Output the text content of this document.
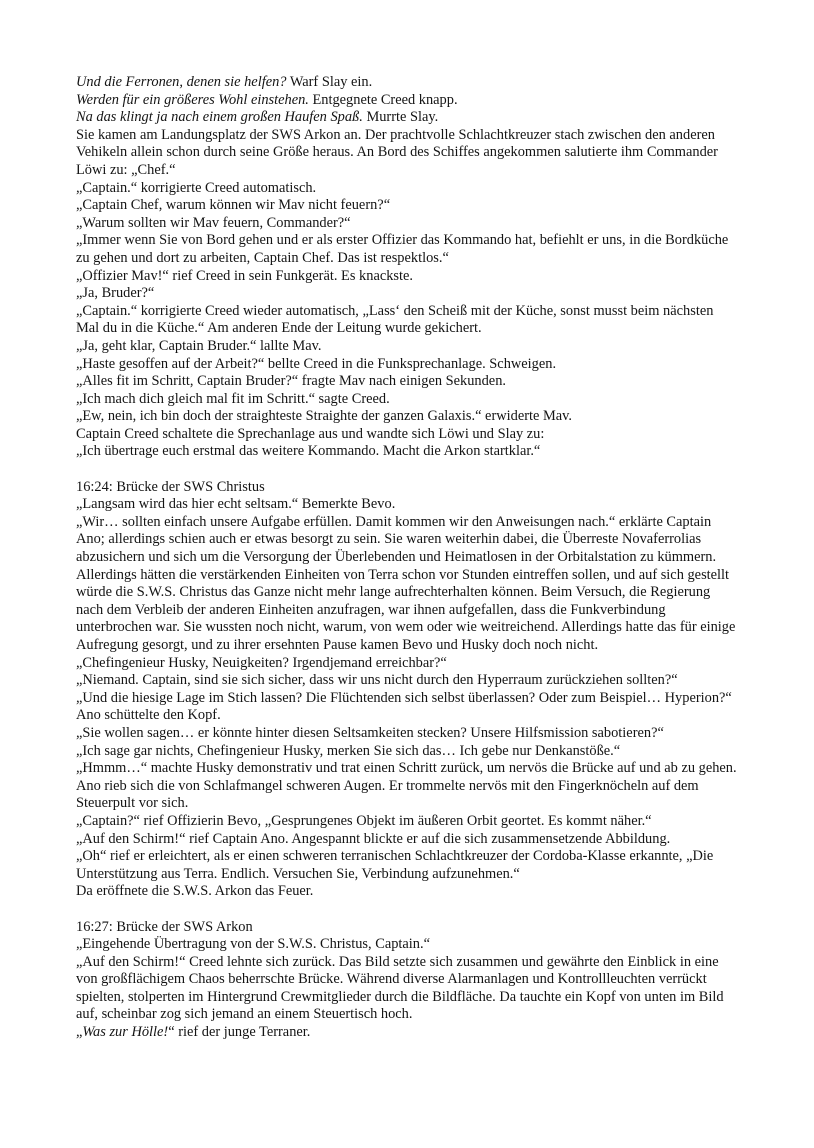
Und die Ferronen, denen sie helfen? Warf Slay ein.

Werden für ein größeres Wohl einstehen. Entgegnete Creed knapp.

Na das klingt ja nach einem großen Haufen Spaß. Murrte Slay.

Sie kamen am Landungsplatz der SWS Arkon an. Der prachtvolle Schlachtkreuzer stach zwischen den anderen Vehikeln allein schon durch seine Größe heraus. An Bord des Schiffes angekommen salutierte ihm Commander Löwi zu: „Chef.“

„Captain.“ korrigierte Creed automatisch.

„Captain Chef, warum können wir Mav nicht feuern?“

„Warum sollten wir Mav feuern, Commander?“

„Immer wenn Sie von Bord gehen und er als erster Offizier das Kommando hat, befiehlt er uns, in die Bordküche zu gehen und dort zu arbeiten, Captain Chef. Das ist respektlos.“

„Offizier Mav!“ rief Creed in sein Funkgerät. Es knackste.

„Ja, Bruder?“

„Captain.“ korrigierte Creed wieder automatisch, „Lass‘ den Scheiß mit der Küche, sonst musst beim nächsten Mal du in die Küche.“ Am anderen Ende der Leitung wurde gekichert.

„Ja, geht klar, Captain Bruder.“ lallte Mav.

„Haste gesoffen auf der Arbeit?“ bellte Creed in die Funksprechanlage. Schweigen.

„Alles fit im Schritt, Captain Bruder?“ fragte Mav nach einigen Sekunden.

„Ich mach dich gleich mal fit im Schritt.“ sagte Creed.

„Ew, nein, ich bin doch der straighteste Straighte der ganzen Galaxis.“ erwiderte Mav.

Captain Creed schaltete die Sprechanlage aus und wandte sich Löwi und Slay zu:

„Ich übertrage euch erstmal das weitere Kommando. Macht die Arkon startklar.“

16:24: Brücke der SWS Christus

„Langsam wird das hier echt seltsam.“ Bemerkte Bevo.

„Wir… sollten einfach unsere Aufgabe erfüllen. Damit kommen wir den Anweisungen nach.“ erklärte Captain Ano; allerdings schien auch er etwas besorgt zu sein. Sie waren weiterhin dabei, die Überreste Novaferrolias abzusichern und sich um die Versorgung der Überlebenden und Heimatlosen in der Orbitalstation zu kümmern. Allerdings hätten die verstärkenden Einheiten von Terra schon vor Stunden eintreffen sollen, und auf sich gestellt würde die S.W.S. Christus das Ganze nicht mehr lange aufrechterhalten können. Beim Versuch, die Regierung nach dem Verbleib der anderen Einheiten anzufragen, war ihnen aufgefallen, dass die Funkverbindung unterbrochen war. Sie wussten noch nicht, warum, von wem oder wie weitreichend. Allerdings hatte das für einige Aufregung gesorgt, und zu ihrer ersehnten Pause kamen Bevo und Husky doch noch nicht.

„Chefingenieur Husky, Neuigkeiten? Irgendjemand erreichbar?“

„Niemand. Captain, sind sie sich sicher, dass wir uns nicht durch den Hyperraum zurückziehen sollten?“

„Und die hiesige Lage im Stich lassen? Die Flüchtenden sich selbst überlassen? Oder zum Beispiel… Hyperion?“ Ano schüttelte den Kopf.

„Sie wollen sagen… er könnte hinter diesen Seltsamkeiten stecken? Unsere Hilfsmission sabotieren?“

„Ich sage gar nichts, Chefingenieur Husky, merken Sie sich das… Ich gebe nur Denkanstöße.“

„Hmmm…“ machte Husky demonstrativ und trat einen Schritt zurück, um nervös die Brücke auf und ab zu gehen. Ano rieb sich die von Schlafmangel schweren Augen. Er trommelte nervös mit den Fingerknöcheln auf dem Steuerpult vor sich.

„Captain?“ rief Offizierin Bevo, „Gesprungenes Objekt im äußeren Orbit geortet. Es kommt näher.“

„Auf den Schirm!“ rief Captain Ano. Angespannt blickte er auf die sich zusammensetzende Abbildung.

„Oh“ rief er erleichtert, als er einen schweren terranischen Schlachtkreuzer der Cordoba-Klasse erkannte, „Die Unterstützung aus Terra. Endlich. Versuchen Sie, Verbindung aufzunehmen.“

Da eröffnete die S.W.S. Arkon das Feuer.

16:27: Brücke der SWS Arkon

„Eingehende Übertragung von der S.W.S. Christus, Captain.“

„Auf den Schirm!“ Creed lehnte sich zurück. Das Bild setzte sich zusammen und gewährte den Einblick in eine von großflächigem Chaos beherrschte Brücke. Während diverse Alarmanlagen und Kontrollleuchten verrückt spielten, stolperten im Hintergrund Crewmitglieder durch die Bildfläche. Da tauchte ein Kopf von unten im Bild auf, scheinbar zog sich jemand an einem Steuertisch hoch.

„Was zur Hölle!“ rief der junge Terraner.
